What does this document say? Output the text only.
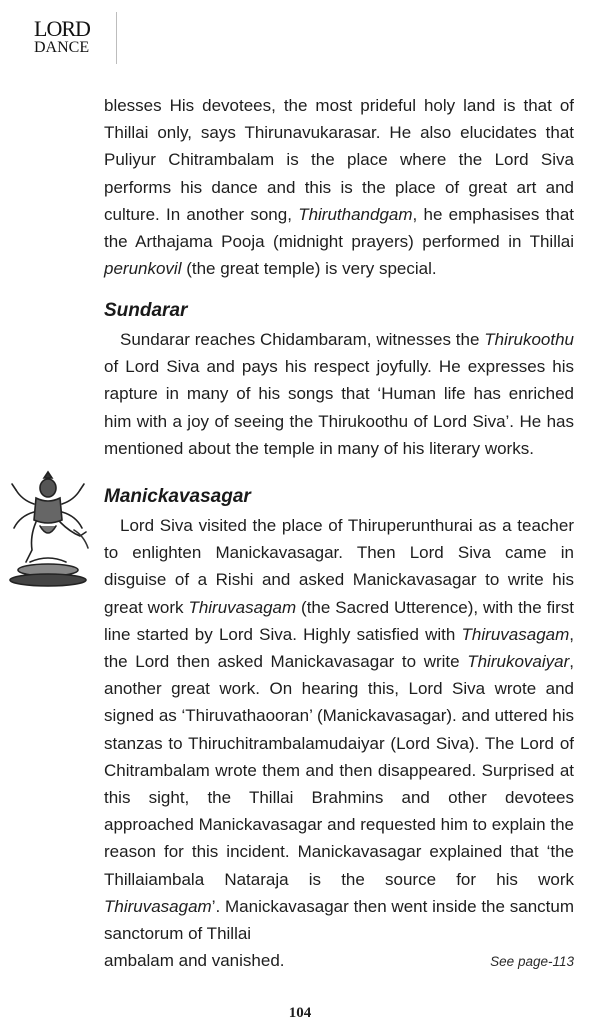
LORD
DANCE

blesses His devotees, the most prideful holy land is that of Thillai only, says Thirunavukarasar. He also elucidates that Puliyur Chitrambalam is the place where the Lord Siva performs his dance and this is the place of great art and culture. In another song, Thiruthandgam, he emphasises that the Arthajama Pooja (midnight prayers) performed in Thillai perunkovil (the great temple) is very special.

Sundarar

Sundarar reaches Chidambaram, witnesses the Thirukoothu of Lord Siva and pays his respect joyfully. He expresses his rapture in many of his songs that ‘Human life has enriched him with a joy of seeing the Thirukoothu of Lord Siva’. He has mentioned about the temple in many of his literary works.

Manickavasagar

Lord Siva visited the place of Thiruperunthurai as a teacher to enlighten Manickavasagar. Then Lord Siva came in disguise of a Rishi and asked Manickavasagar to write his great work Thiruvasagam (the Sacred Utterence), with the first line started by Lord Siva. Highly satisfied with Thiruvasagam, the Lord then asked Manickavasagar to write Thirukovaiyar, another great work. On hearing this, Lord Siva wrote and signed as ‘Thiruvathaooran’ (Manickavasagar). and uttered his stanzas to Thiruchitrambalamudaiyar (Lord Siva). The Lord of Chitrambalam wrote them and then disappeared. Surprised at this sight, the Thillai Brahmins and other devotees approached Manickavasagar and requested him to explain the reason for this incident. Manickavasagar explained that ‘the Thillaiambala Nataraja is the source for his work Thiruvasagam’. Manickavasagar then went inside the sanctum sanctorum of Thillai

ambalam and vanished.	See page-113
104
